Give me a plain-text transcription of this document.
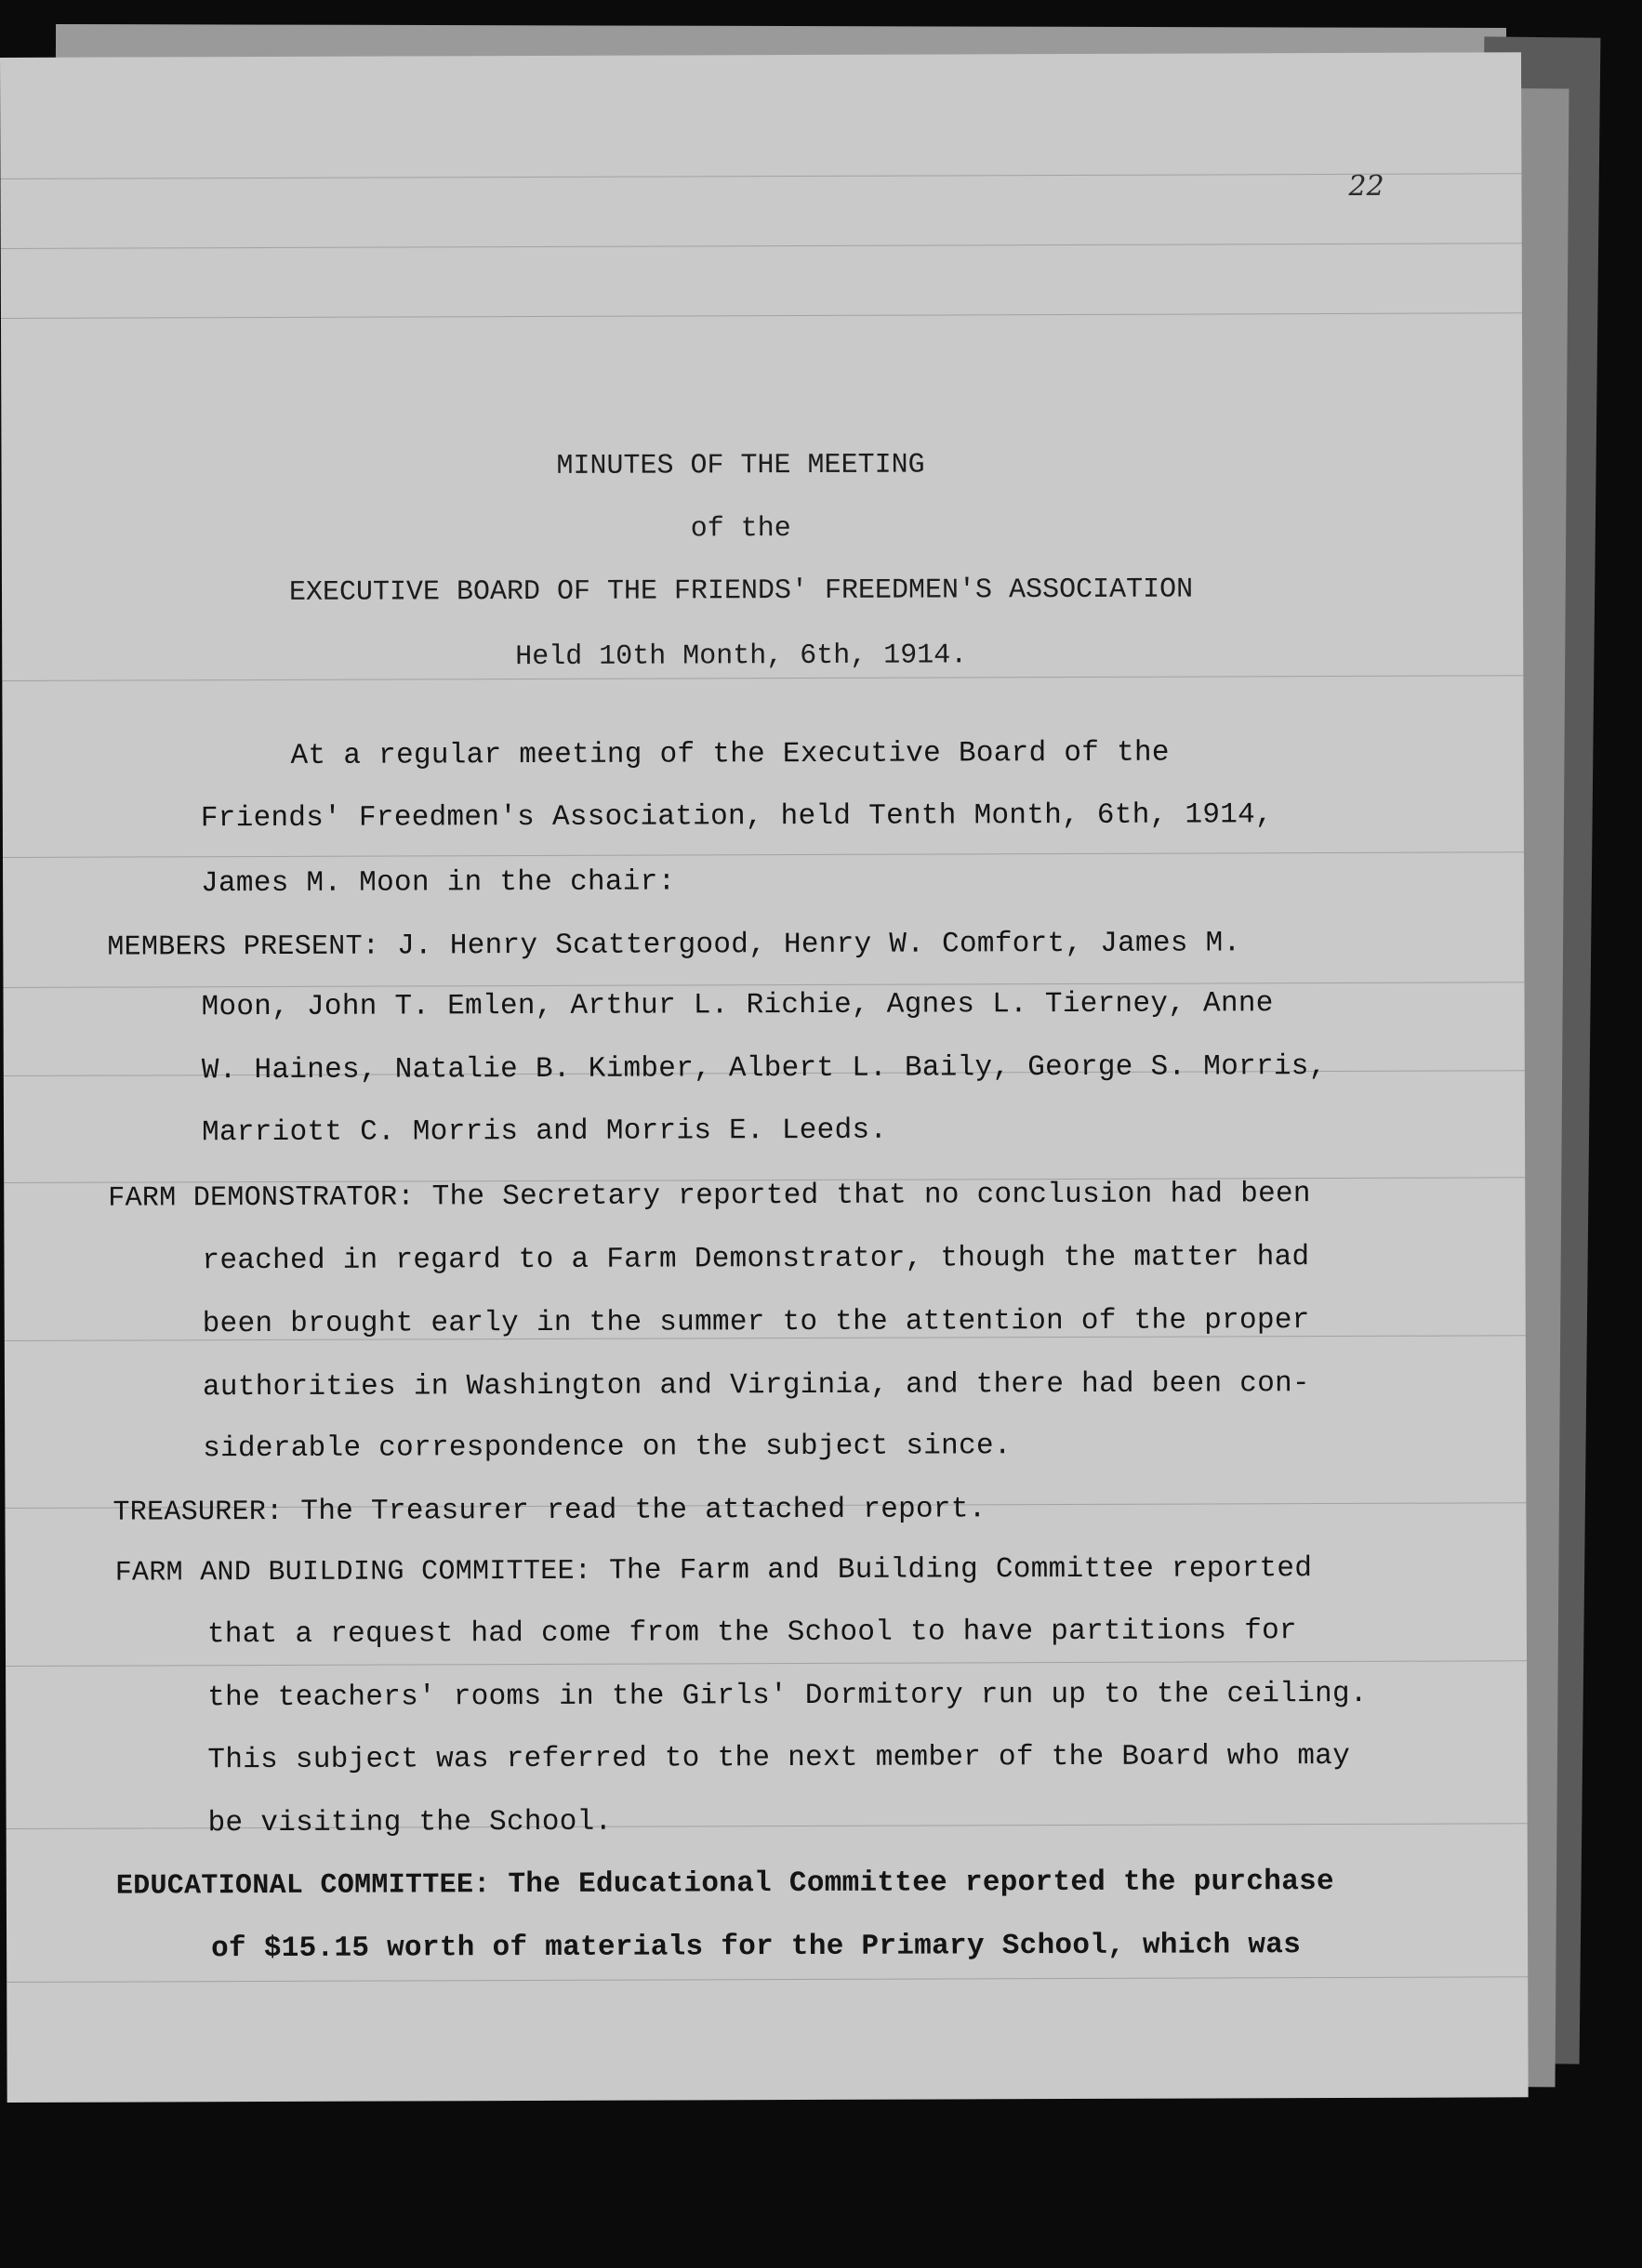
22
MINUTES OF THE MEETING
of the
EXECUTIVE BOARD OF THE FRIENDS' FREEDMEN'S ASSOCIATION
Held 10th Month, 6th, 1914.
At a regular meeting of the Executive Board of the
Friends' Freedmen's Association, held Tenth Month, 6th, 1914,
James M. Moon in the chair:
MEMBERS PRESENT: J. Henry Scattergood, Henry W. Comfort, James M.
Moon, John T. Emlen, Arthur L. Richie, Agnes L. Tierney, Anne
W. Haines, Natalie B. Kimber, Albert L. Baily, George S. Morris,
Marriott C. Morris and Morris E. Leeds.
FARM DEMONSTRATOR: The Secretary reported that no conclusion had been
reached in regard to a Farm Demonstrator, though the matter had
been brought early in the summer to the attention of the proper
authorities in Washington and Virginia, and there had been con-
siderable correspondence on the subject since.
TREASURER: The Treasurer read the attached report.
FARM AND BUILDING COMMITTEE: The Farm and Building Committee reported
that a request had come from the School to have partitions for
the teachers' rooms in the Girls' Dormitory run up to the ceiling.
This subject was referred to the next member of the Board who may
be visiting the School.
EDUCATIONAL COMMITTEE: The Educational Committee reported the purchase
of $15.15 worth of materials for the Primary School, which was
